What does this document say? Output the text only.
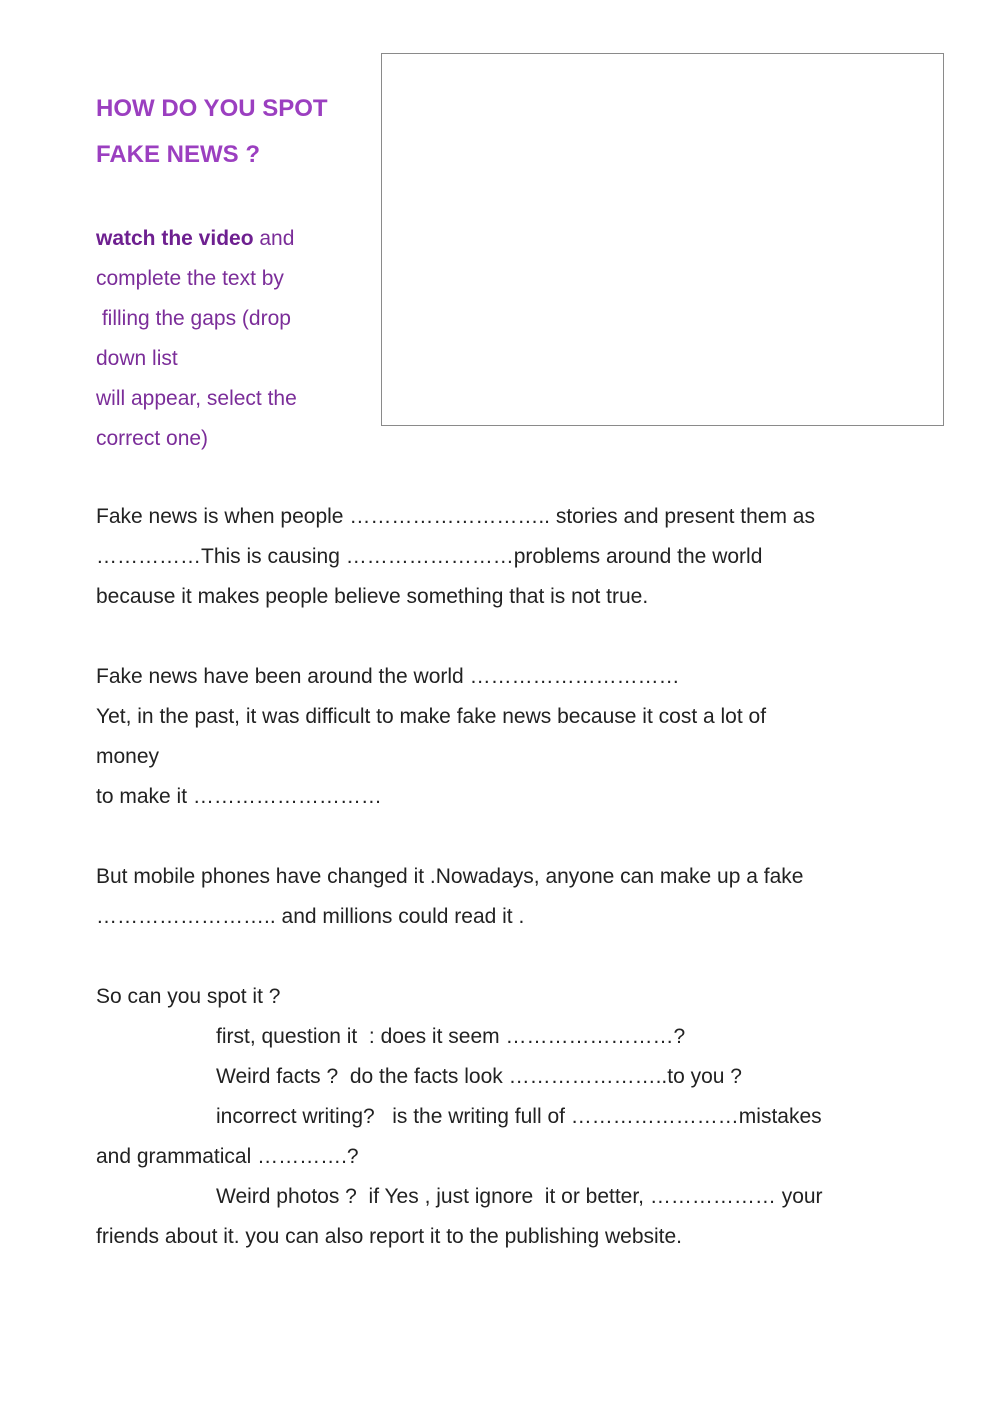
HOW DO YOU SPOT
FAKE NEWS ?
watch the video and
complete the text by
filling the gaps (drop
down list
will appear, select the
correct one)
Fake news is when people ……………………….. stories and present them as
……………This is causing ……………………problems around the world
because it makes people believe something that is not true.
Fake news have been around the world …………………………
Yet, in the past, it was difficult to make fake news because it cost a lot of
money
to make it ………………………
But mobile phones have changed it .Nowadays, anyone can make up a fake
…………………….. and millions could read it .
So can you spot it ?
first, question it  : does it seem ……………………?
Weird facts ?  do the facts look …………………..to you ?
incorrect writing?   is the writing full of ……………………mistakes
and grammatical ………….?
Weird photos ?  if Yes , just ignore  it or better, ……………… your
friends about it. you can also report it to the publishing website.
